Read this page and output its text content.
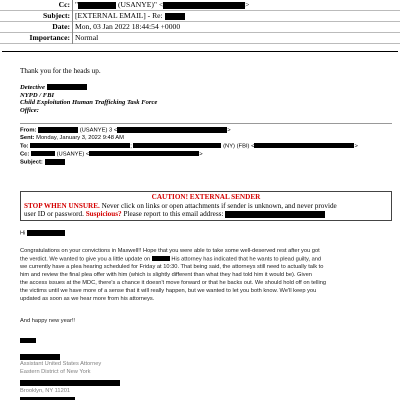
Cc:	" (USANYE)" < >
Subject:	[EXTERNAL EMAIL] - Re:
Date:	Mon, 03 Jan 2022 18:44:54 +0000
Importance:	Normal
Thank you for the heads up.
Detective
NYPD / FBI
Child Exploitation Human Trafficking Task Force
Office:
From:	(USANYE) 3 <	>
Sent: Monday, January 3, 2022 9:48 AM
To:	;	(NY) (FBI) <	>
Cc:	(USANYE) <	>
Subject:
CAUTION! EXTERNAL SENDER
STOP WHEN UNSURE. Never click on links or open attachments if sender is unknown, and never provide
user ID or password. Suspicious? Please report to this email address:
Hi
Congratulations on your convictions in Maxwell!! Hope that you were able to take some well-deserved rest after you got
the verdict. We wanted to give you a little update on	His attorney has indicated that he wants to plead guilty, and
we currently have a plea hearing scheduled for Friday at 10:30. That being said, the attorneys still need to actually talk to
him and review the final plea offer with him (which is slightly different than what they had told him it would be). Given
the access issues at the MDC, there's a chance it doesn't move forward or that he backs out. We should hold off on telling
the victims until we have more of a sense that it will really happen, but we wanted to let you both know. We'll keep you
updated as soon as we hear more from his attorneys.
And happy new year!!
Assistant United States Attorney
Eastern District of New York
Brooklyn, NY 11201
